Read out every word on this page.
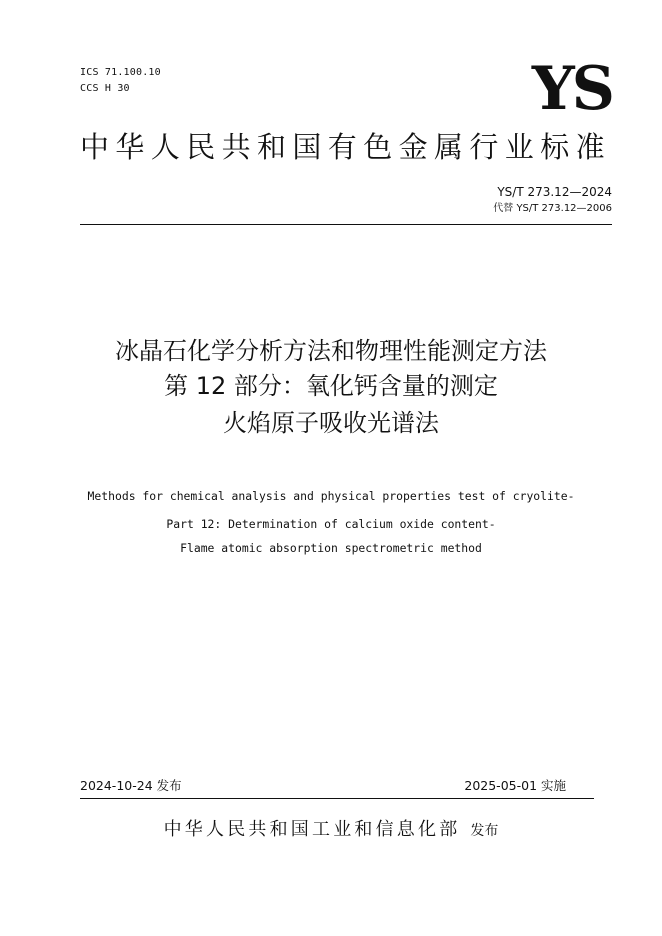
ICS 71.100.10
CCS H 30	YS
中华人民共和国有色金属行业标准
YS/T 273.12—2024
代替 YS/T 273.12—2006
冰晶石化学分析方法和物理性能测定方法
第 12 部分：氧化钙含量的测定
火焰原子吸收光谱法
Methods for chemical analysis and physical properties test of cryolite-
Part 12: Determination of calcium oxide content-
Flame atomic absorption spectrometric method
2024-10-24 发布	2025-05-01 实施
中华人民共和国工业和信息化部 发布
